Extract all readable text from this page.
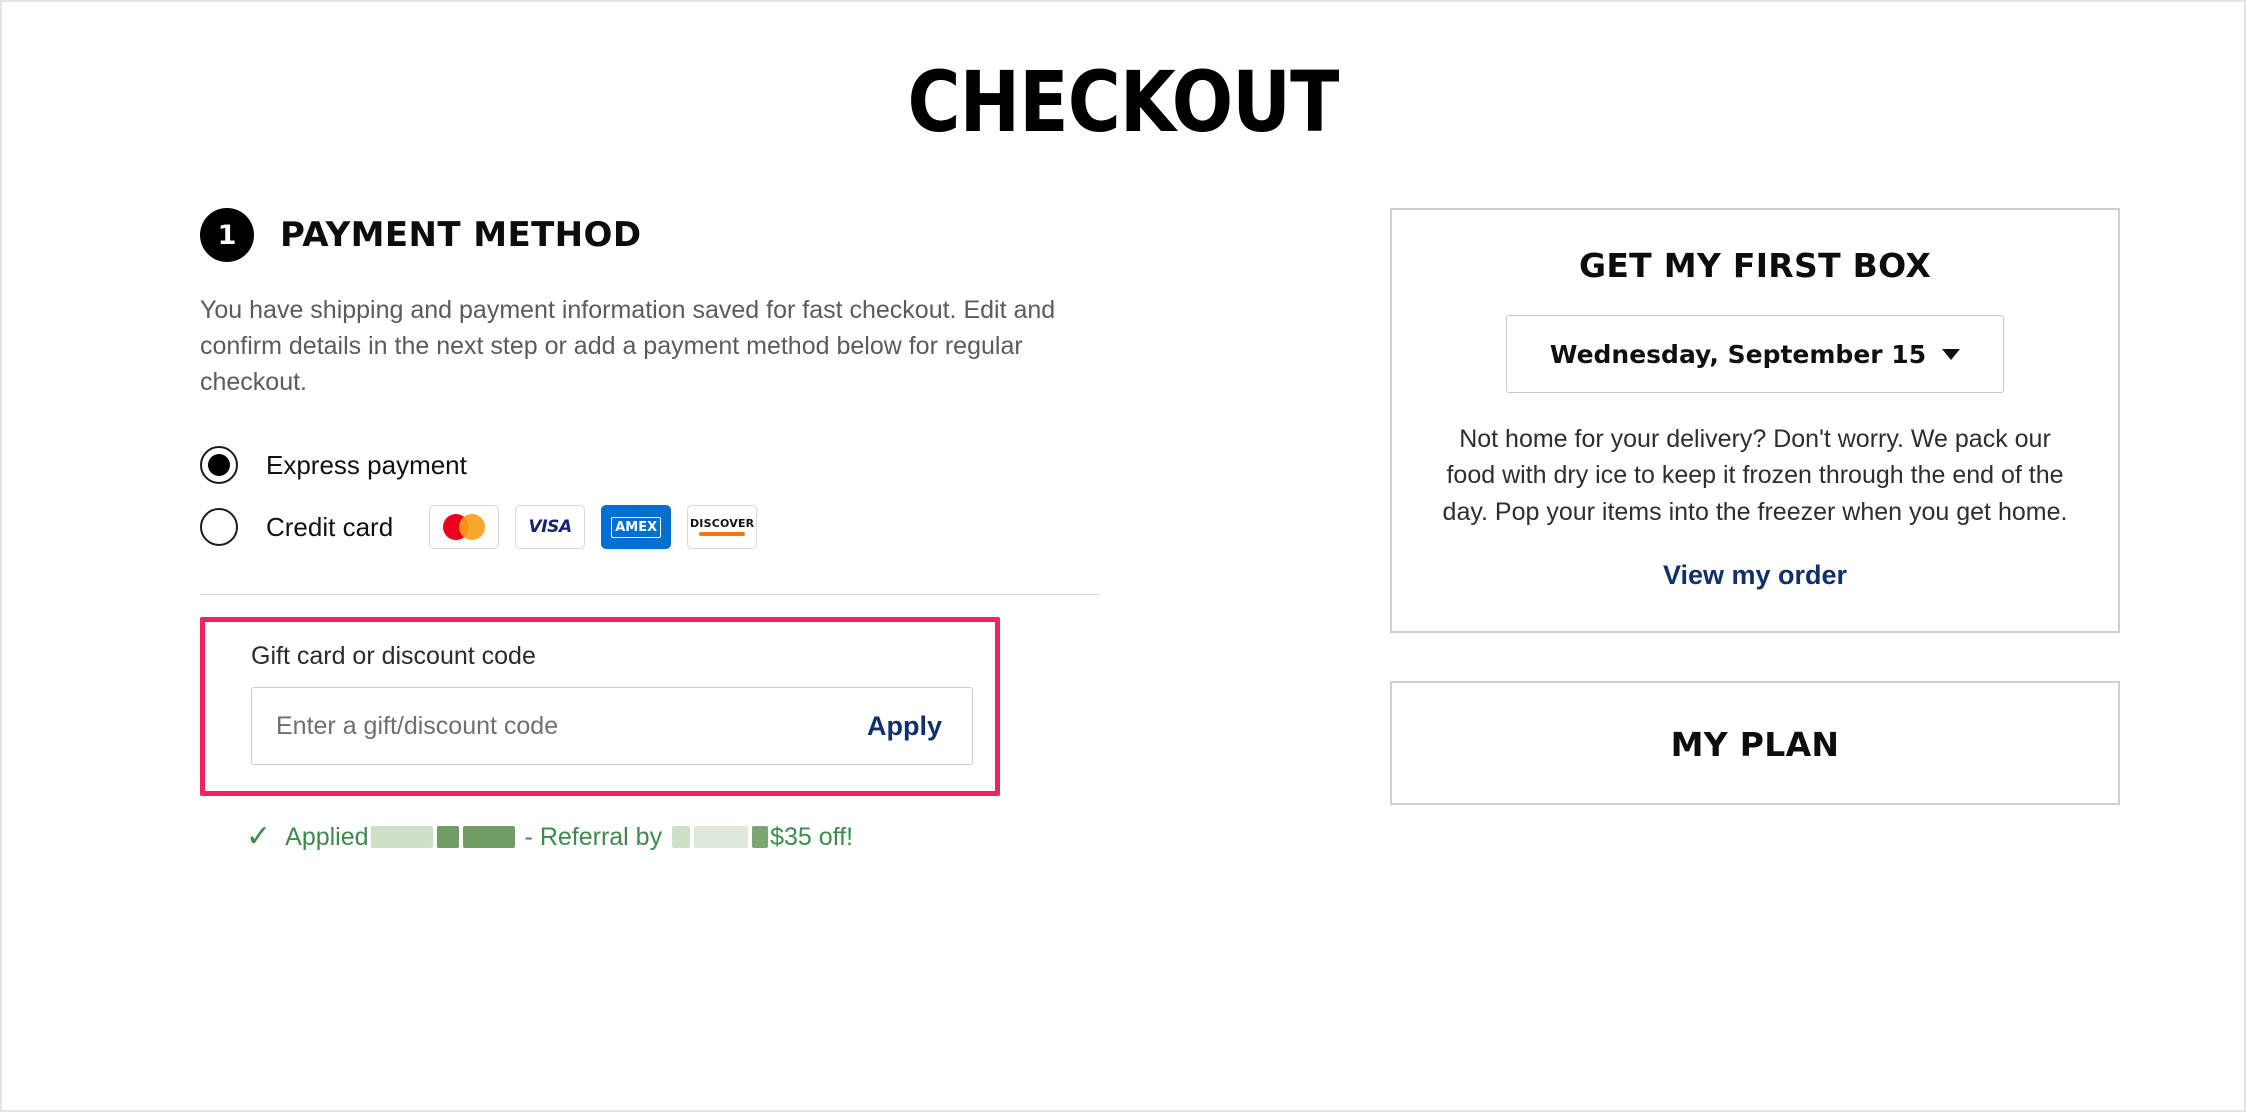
CHECKOUT
1	PAYMENT METHOD
You have shipping and payment information saved for fast checkout. Edit and confirm details in the next step or add a payment method below for regular checkout.
Express payment
Credit card	VISA	AMEX	DISCOVER
Gift card or discount code
Enter a gift/discount code
Apply
✓ Applied	- Referral by	$35 off!
GET MY FIRST BOX
Wednesday, September 15
Not home for your delivery? Don't worry. We pack our food with dry ice to keep it frozen through the end of the day. Pop your items into the freezer when you get home.
View my order
MY PLAN
